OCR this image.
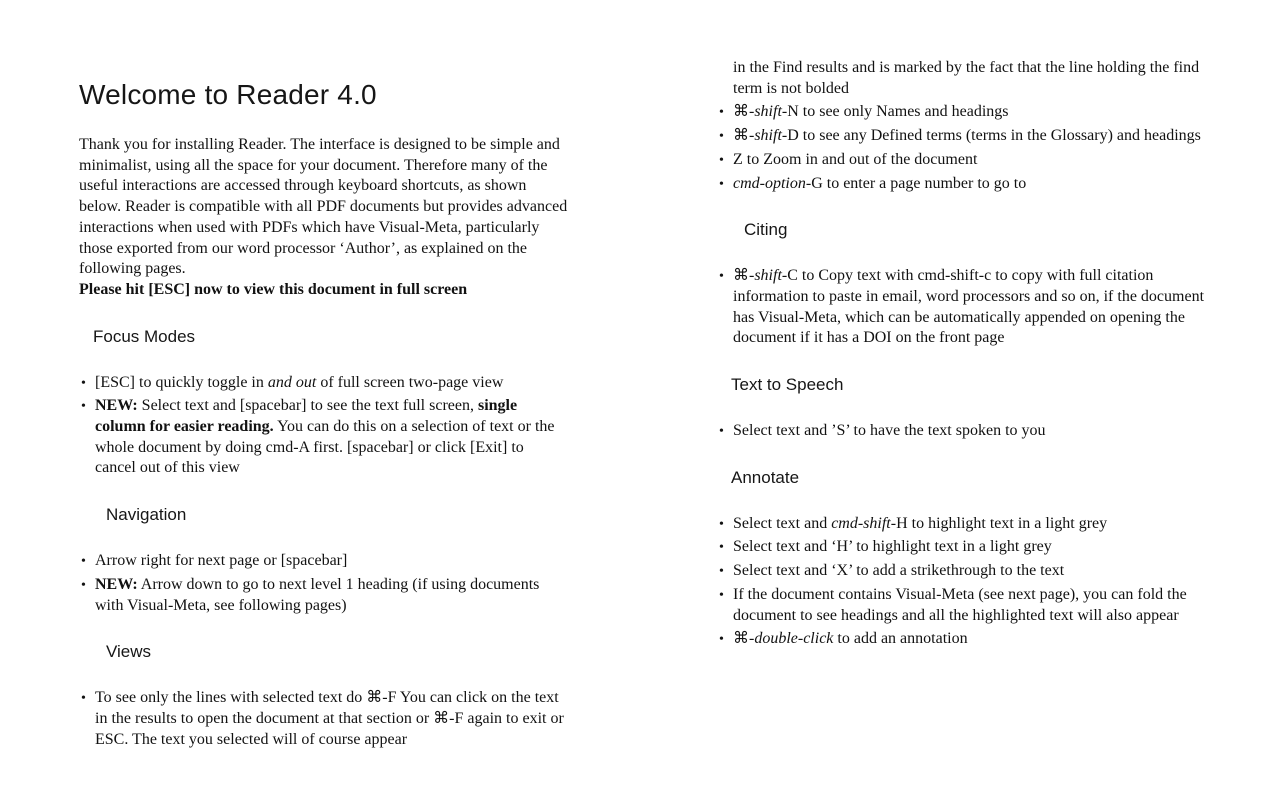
Welcome to Reader 4.0

Thank you for installing Reader. The interface is designed to be simple and minimalist, using all the space for your document. Therefore many of the useful interactions are accessed through keyboard shortcuts, as shown below. Reader is compatible with all PDF documents but provides advanced interactions when used with PDFs which have Visual-Meta, particularly those exported from our word processor ‘Author’, as explained on the following pages.
Please hit [ESC] now to view this document in full screen

Focus Modes
• [ESC] to quickly toggle in and out of full screen two-page view
• NEW: Select text and [spacebar] to see the text full screen, single column for easier reading. You can do this on a selection of text or the whole document by doing cmd-A first. [spacebar] or click [Exit] to cancel out of this view
Navigation
• Arrow right for next page or [spacebar]
• NEW: Arrow down to go to next level 1 heading (if using documents with Visual-Meta, see following pages)
Views
• To see only the lines with selected text do ⌘-F You can click on the text in the results to open the document at that section or ⌘-F again to exit or ESC. The text you selected will of course appear

in the Find results and is marked by the fact that the line holding the find term is not bolded

• ⌘-shift-N to see only Names and headings
• ⌘-shift-D to see any Defined terms (terms in the Glossary) and headings
• Z to Zoom in and out of the document
• cmd-option-G to enter a page number to go to
Citing
• ⌘-shift-C to Copy text with cmd-shift-c to copy with full citation information to paste in email, word processors and so on, if the document has Visual-Meta, which can be automatically appended on opening the document if it has a DOI on the front page
Text to Speech
• Select text and ’S’ to have the text spoken to you
Annotate
• Select text and cmd-shift-H to highlight text in a light grey
• Select text and ‘H’ to highlight text in a light grey
• Select text and ‘X’ to add a strikethrough to the text
• If the document contains Visual-Meta (see next page), you can fold the document to see headings and all the highlighted text will also appear
• ⌘-double-click to add an annotation
